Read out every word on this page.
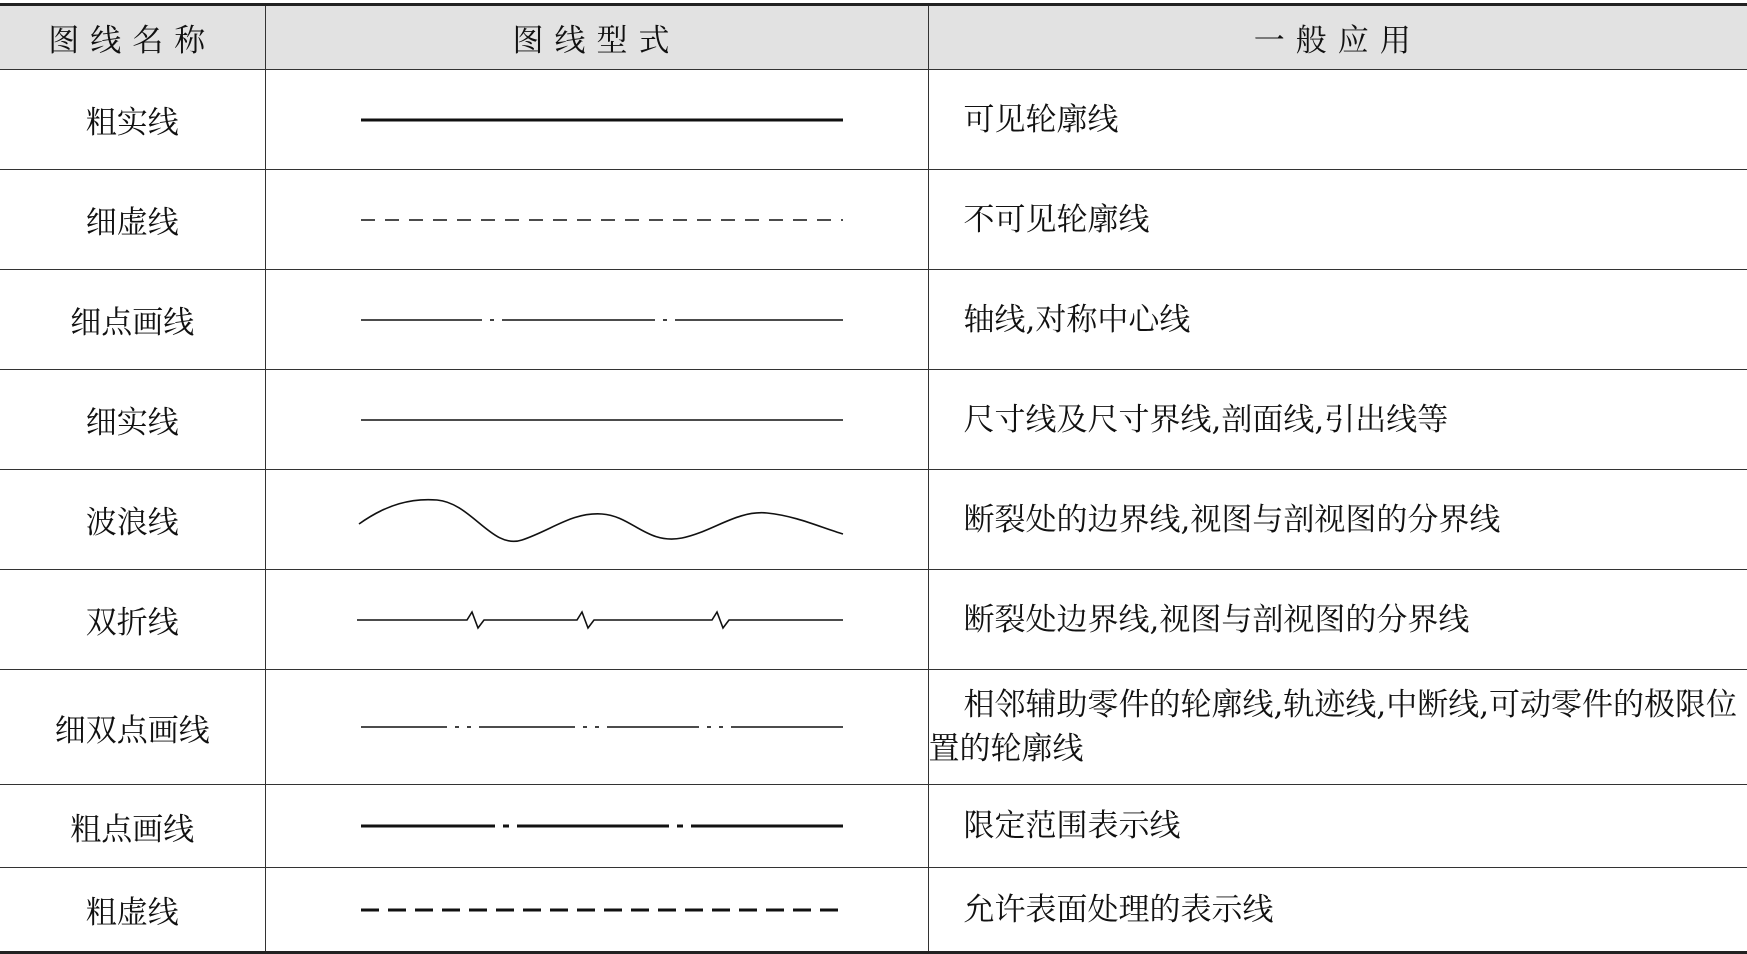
图线名称	图线型式	一般应用
粗实线		可见轮廓线
细虚线		不可见轮廓线
细点画线		轴线,对称中心线
细实线		尺寸线及尺寸界线,剖面线,引出线等
波浪线		断裂处的边界线,视图与剖视图的分界线
双折线		断裂处边界线,视图与剖视图的分界线
细双点画线		相邻辅助零件的轮廓线,轨迹线,中断线,可动零件的极限位置的轮廓线
粗点画线		限定范围表示线
粗虚线		允许表面处理的表示线
